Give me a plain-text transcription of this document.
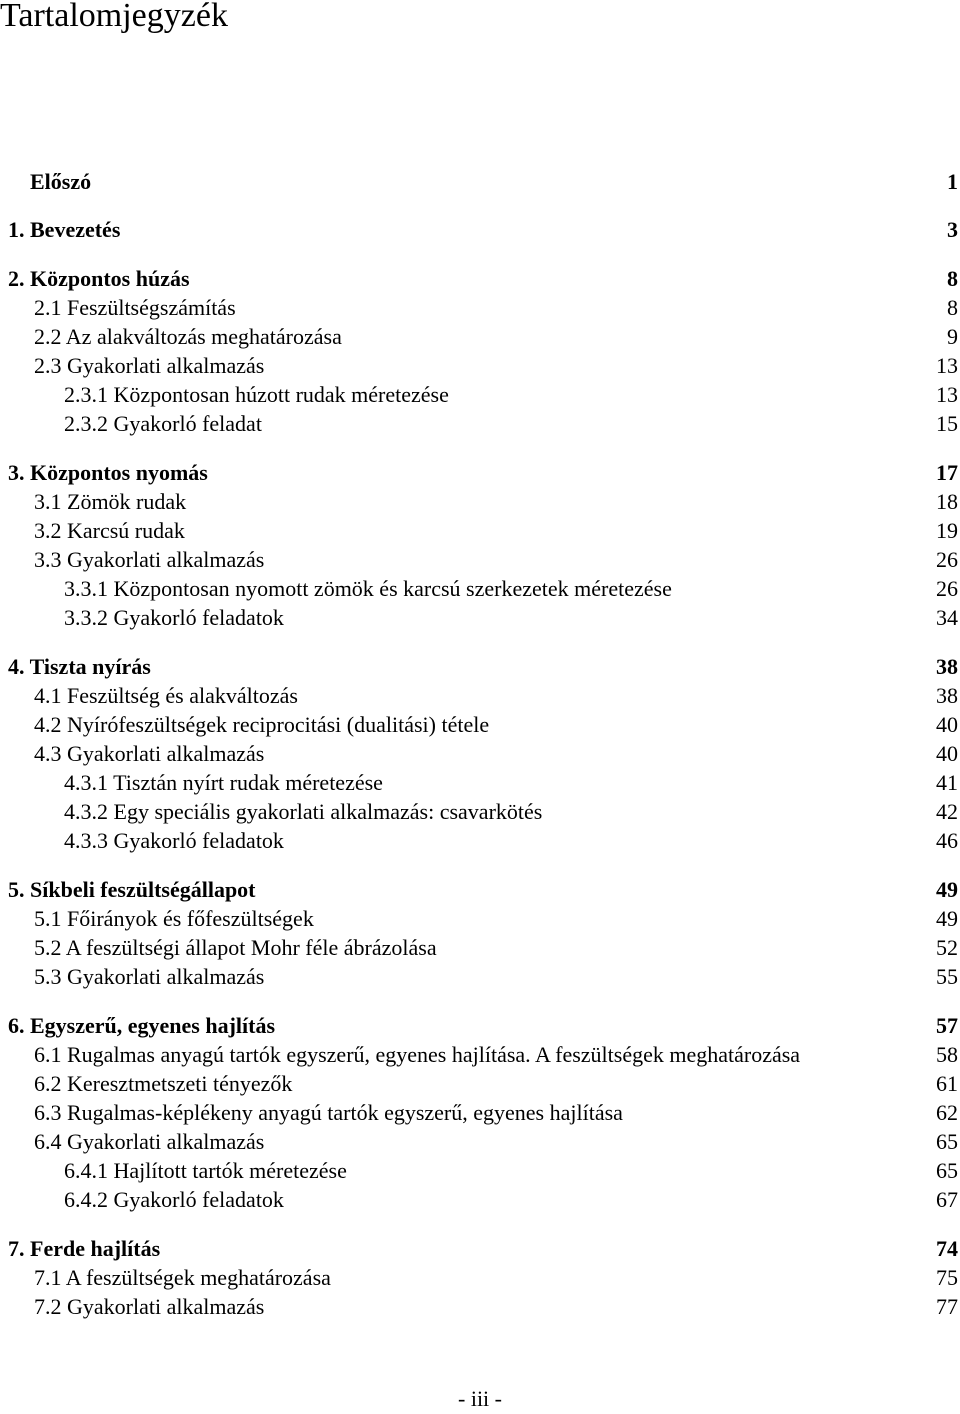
Tartalomjegyzék
Előszó	1
1. Bevezetés	3
2. Központos húzás	8
2.1 Feszültségszámítás	8
2.2 Az alakváltozás meghatározása	9
2.3 Gyakorlati alkalmazás	13
2.3.1 Központosan húzott rudak méretezése	13
2.3.2 Gyakorló feladat	15
3. Központos nyomás	17
3.1 Zömök rudak	18
3.2 Karcsú rudak	19
3.3 Gyakorlati alkalmazás	26
3.3.1 Központosan nyomott zömök és karcsú szerkezetek méretezése	26
3.3.2 Gyakorló feladatok	34
4. Tiszta nyírás	38
4.1 Feszültség és alakváltozás	38
4.2 Nyírófeszültségek reciprocitási (dualitási) tétele	40
4.3 Gyakorlati alkalmazás	40
4.3.1 Tisztán nyírt rudak méretezése	41
4.3.2 Egy speciális gyakorlati alkalmazás: csavarkötés	42
4.3.3 Gyakorló feladatok	46
5. Síkbeli feszültségállapot	49
5.1 Főirányok és főfeszültségek	49
5.2 A feszültségi állapot Mohr féle ábrázolása	52
5.3 Gyakorlati alkalmazás	55
6. Egyszerű, egyenes hajlítás	57
6.1 Rugalmas anyagú tartók egyszerű, egyenes hajlítása. A feszültségek meghatározása	58
6.2 Keresztmetszeti tényezők	61
6.3 Rugalmas-képlékeny anyagú tartók egyszerű, egyenes hajlítása	62
6.4 Gyakorlati alkalmazás	65
6.4.1 Hajlított tartók méretezése	65
6.4.2 Gyakorló feladatok	67
7. Ferde hajlítás	74
7.1 A feszültségek meghatározása	75
7.2 Gyakorlati alkalmazás	77
- iii -
